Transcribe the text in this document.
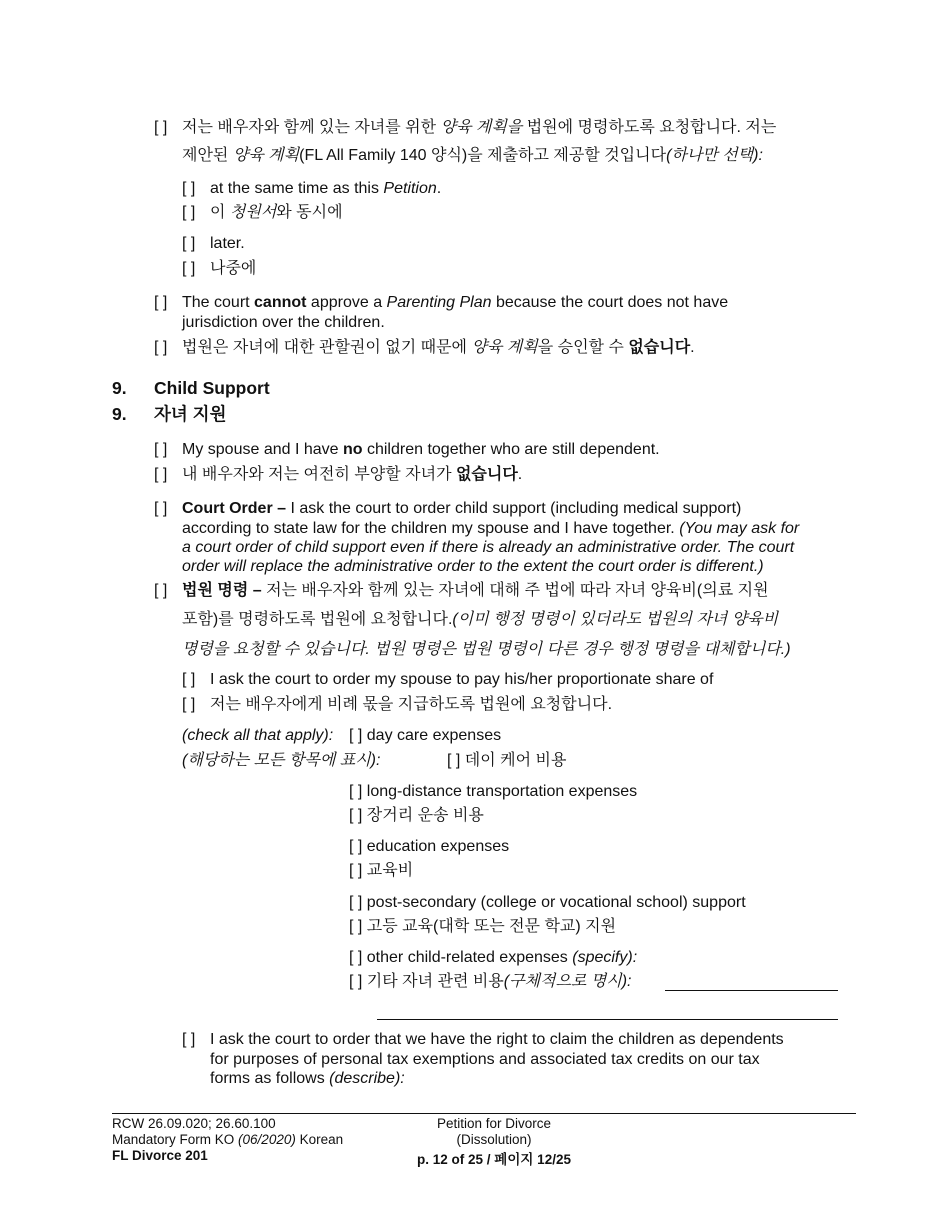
[ ] 저는 배우자와 함께 있는 자녀를 위한 양육 계획을 법원에 명령하도록 요청합니다. 저는
제안된 양육 계획(FL All Family 140 양식)을 제출하고 제공할 것입니다(하나만 선택):
[ ] at the same time as this Petition.
[ ] 이 청원서와 동시에
[ ] later.
[ ] 나중에
[ ] The court cannot approve a Parenting Plan because the court does not have
jurisdiction over the children.
[ ] 법원은 자녀에 대한 관할권이 없기 때문에 양육 계획을 승인할 수 없습니다.
9. Child Support
9. 자녀 지원
[ ] My spouse and I have no children together who are still dependent.
[ ] 내 배우자와 저는 여전히 부양할 자녀가 없습니다.
[ ] Court Order – I ask the court to order child support (including medical support)
according to state law for the children my spouse and I have together. (You may ask for
a court order of child support even if there is already an administrative order. The court
order will replace the administrative order to the extent the court order is different.)
[ ] 법원 명령 – 저는 배우자와 함께 있는 자녀에 대해 주 법에 따라 자녀 양육비(의료 지원
포함)를 명령하도록 법원에 요청합니다.(이미 행정 명령이 있더라도 법원의 자녀 양육비
명령을 요청할 수 있습니다. 법원 명령은 법원 명령이 다른 경우 행정 명령을 대체합니다.)
[ ] I ask the court to order my spouse to pay his/her proportionate share of
[ ] 저는 배우자에게 비례 몫을 지급하도록 법원에 요청합니다.
(check all that apply):
(해당하는 모든 항목에 표시):
[ ] day care expenses
[ ] 데이 케어 비용
[ ] long-distance transportation expenses
[ ] 장거리 운송 비용
[ ] education expenses
[ ] 교육비
[ ] post-secondary (college or vocational school) support
[ ] 고등 교육(대학 또는 전문 학교) 지원
[ ] other child-related expenses (specify):
[ ] 기타 자녀 관련 비용(구체적으로 명시):
[ ] I ask the court to order that we have the right to claim the children as dependents
for purposes of personal tax exemptions and associated tax credits on our tax
forms as follows (describe):
RCW 26.09.020; 26.60.100
Mandatory Form KO (06/2020) Korean
FL Divorce 201
Petition for Divorce
(Dissolution)
p. 12 of 25 / 페이지 12/25
